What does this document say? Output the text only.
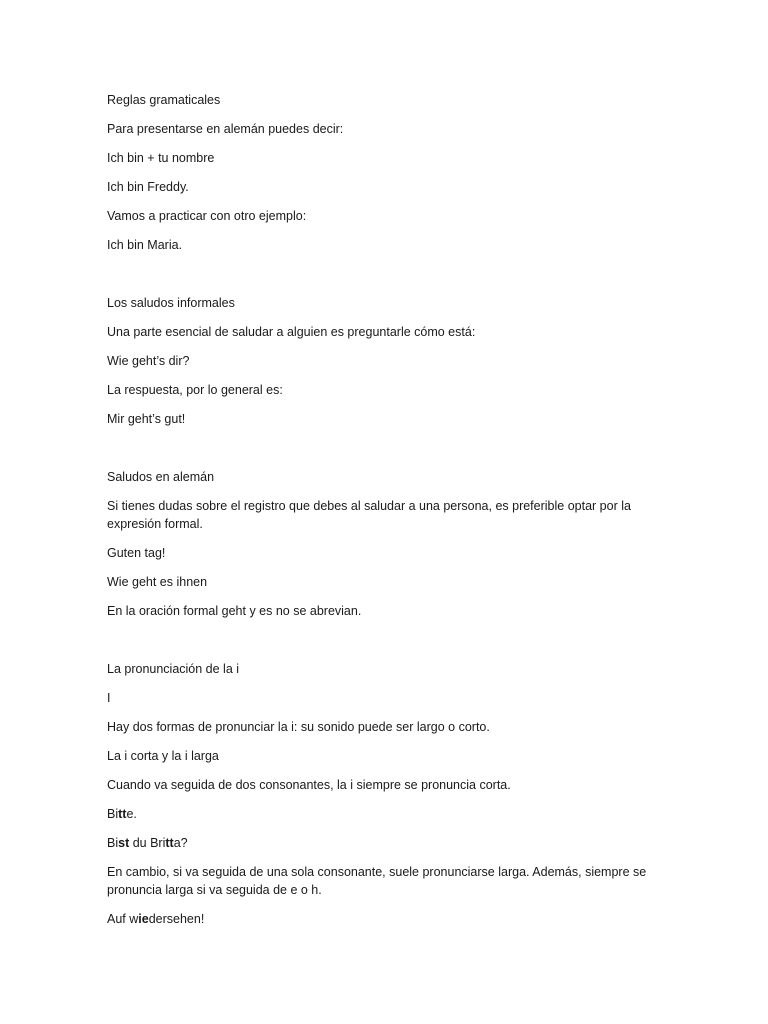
Reglas gramaticales

Para presentarse en alemán puedes decir:

Ich bin + tu nombre

Ich bin Freddy.

Vamos a practicar con otro ejemplo:

Ich bin Maria.

Los saludos informales

Una parte esencial de saludar a alguien es preguntarle cómo está:

Wie geht’s dir?

La respuesta, por lo general es:

Mir geht’s gut!

Saludos en alemán

Si tienes dudas sobre el registro que debes al saludar a una persona, es preferible optar por la expresión formal.

Guten tag!

Wie geht es ihnen

En la oración formal geht y es no se abrevian.

La pronunciación de la i

I

Hay dos formas de pronunciar la i: su sonido puede ser largo o corto.

La i corta y la i larga

Cuando va seguida de dos consonantes, la i siempre se pronuncia corta.

Bitte.

Bist du Britta?

En cambio, si va seguida de una sola consonante, suele pronunciarse larga. Además, siempre se pronuncia larga si va seguida de e o h.

Auf wiedersehen!
